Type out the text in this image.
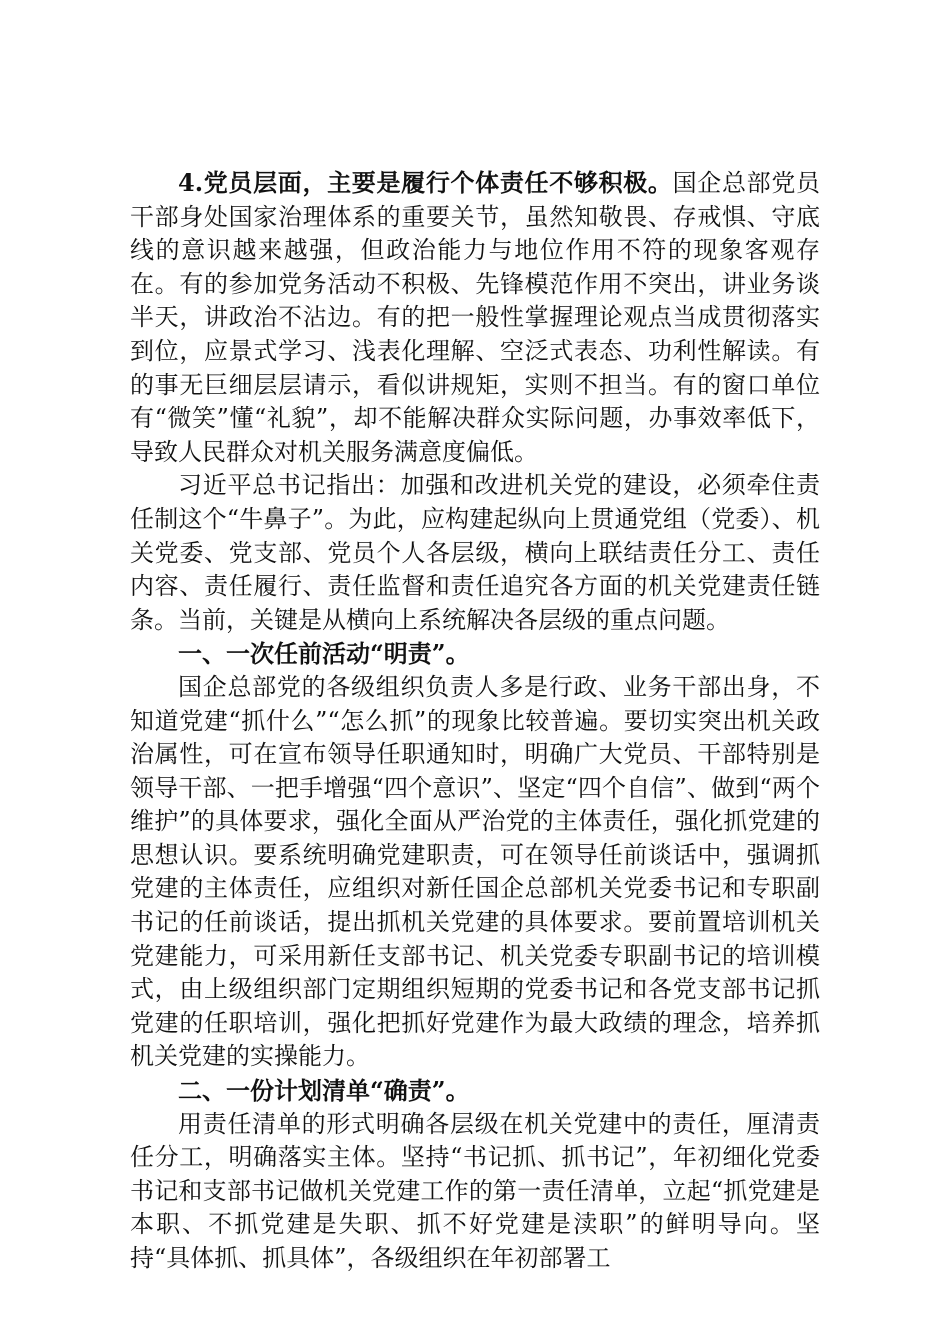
4.党员层面，主要是履行个体责任不够积极。国企总部党员干部身处国家治理体系的重要关节，虽然知敬畏、存戒惧、守底线的意识越来越强，但政治能力与地位作用不符的现象客观存在。有的参加党务活动不积极、先锋模范作用不突出，讲业务谈半天，讲政治不沾边。有的把一般性掌握理论观点当成贯彻落实到位，应景式学习、浅表化理解、空泛式表态、功利性解读。有的事无巨细层层请示，看似讲规矩，实则不担当。有的窗口单位有“微笑”懂“礼貌”，却不能解决群众实际问题，办事效率低下，导致人民群众对机关服务满意度偏低。

习近平总书记指出：加强和改进机关党的建设，必须牵住责任制这个“牛鼻子”。为此，应构建起纵向上贯通党组（党委）、机关党委、党支部、党员个人各层级，横向上联结责任分工、责任内容、责任履行、责任监督和责任追究各方面的机关党建责任链条。当前，关键是从横向上系统解决各层级的重点问题。

一、一次任前活动“明责”。

国企总部党的各级组织负责人多是行政、业务干部出身，不知道党建“抓什么”“怎么抓”的现象比较普遍。要切实突出机关政治属性，可在宣布领导任职通知时，明确广大党员、干部特别是领导干部、一把手增强“四个意识”、坚定“四个自信”、做到“两个维护”的具体要求，强化全面从严治党的主体责任，强化抓党建的思想认识。要系统明确党建职责，可在领导任前谈话中，强调抓党建的主体责任，应组织对新任国企总部机关党委书记和专职副书记的任前谈话，提出抓机关党建的具体要求。要前置培训机关党建能力，可采用新任支部书记、机关党委专职副书记的培训模式，由上级组织部门定期组织短期的党委书记和各党支部书记抓党建的任职培训，强化把抓好党建作为最大政绩的理念，培养抓机关党建的实操能力。

二、一份计划清单“确责”。

用责任清单的形式明确各层级在机关党建中的责任，厘清责任分工，明确落实主体。坚持“书记抓、抓书记”，年初细化党委书记和支部书记做机关党建工作的第一责任清单，立起“抓党建是本职、不抓党建是失职、抓不好党建是渎职”的鲜明导向。坚持“具体抓、抓具体”，各级组织在年初部署工
